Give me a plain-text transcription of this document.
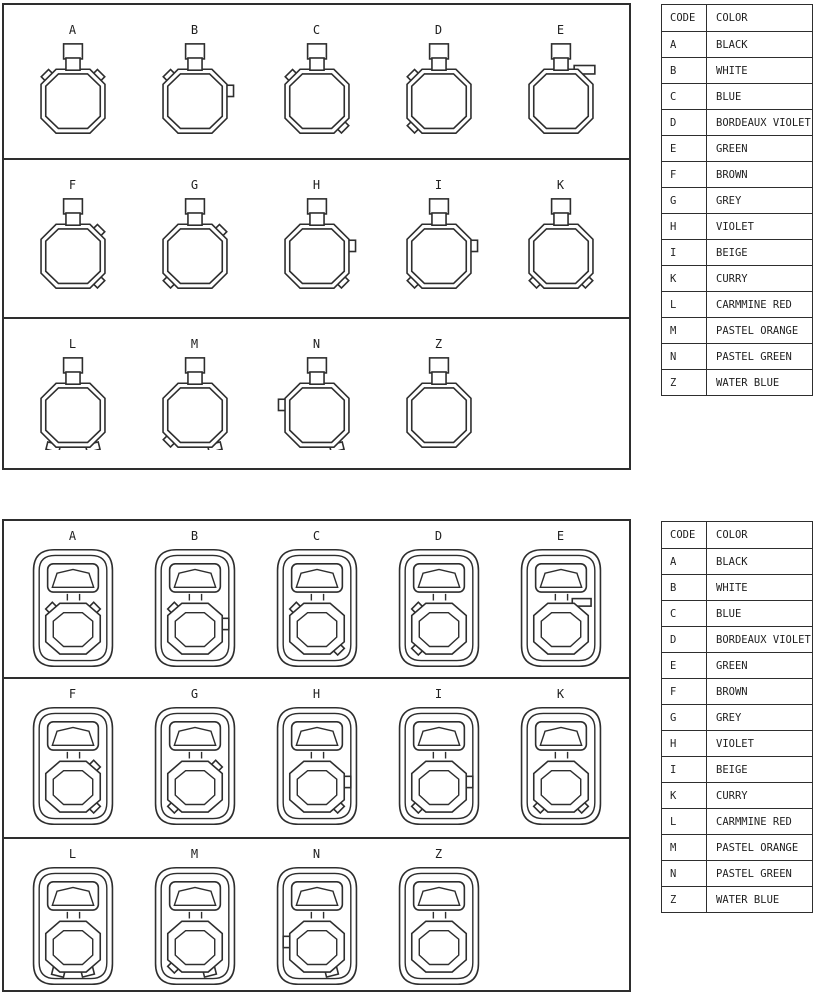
A	B	C	D	E
F	G	H	I	K
L	M	N	Z
A	B	C	D	E
F	G	H	I	K
L	M	N	Z
CODE	COLOR
A	BLACK
B	WHITE
C	BLUE
D	BORDEAUX VIOLET
E	GREEN
F	BROWN
G	GREY
H	VIOLET
I	BEIGE
K	CURRY
L	CARMMINE RED
M	PASTEL ORANGE
N	PASTEL GREEN
Z	WATER BLUE
CODE	COLOR
A	BLACK
B	WHITE
C	BLUE
D	BORDEAUX VIOLET
E	GREEN
F	BROWN
G	GREY
H	VIOLET
I	BEIGE
K	CURRY
L	CARMMINE RED
M	PASTEL ORANGE
N	PASTEL GREEN
Z	WATER BLUE
